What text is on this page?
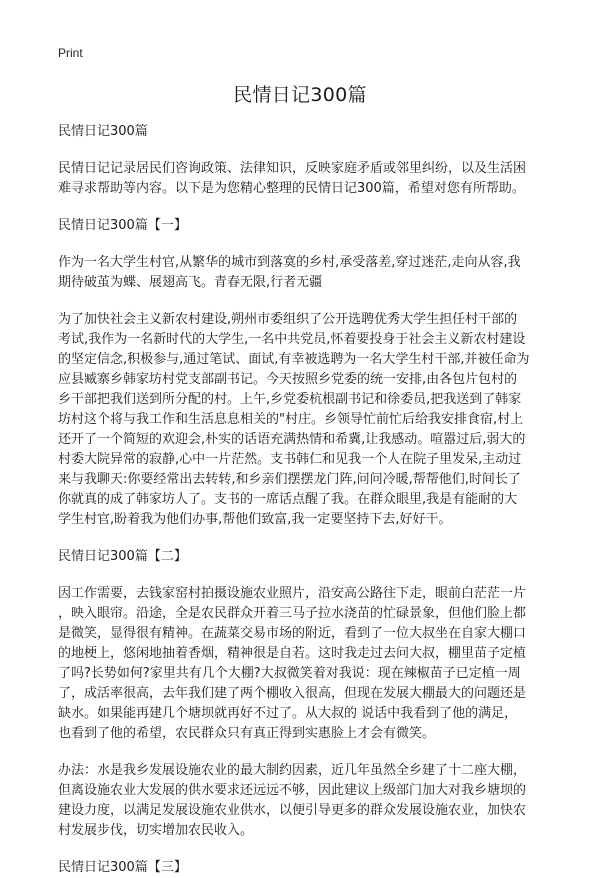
Print
民情日记300篇
民情日记300篇
民情日记记录居民们咨询政策、法律知识，反映家庭矛盾或邻里纠纷，以及生活困
难寻求帮助等内容。以下是为您精心整理的民情日记300篇，希望对您有所帮助。
民情日记300篇【一】
作为一名大学生村官,从繁华的城市到落寞的乡村,承受落差,穿过迷茫,走向从容,我
期待破茧为蝶、展翅高飞。青春无限,行者无疆
为了加快社会主义新农村建设,朔州市委组织了公开选聘优秀大学生担任村干部的
考试,我作为一名新时代的大学生,一名中共党员,怀着要投身于社会主义新农村建设
的坚定信念,积极参与,通过笔试、面试,有幸被选聘为一名大学生村干部,并被任命为
应县臧寨乡韩家坊村党支部副书记。今天按照乡党委的统一安排,由各包片包村的
乡干部把我们送到所分配的村。上午,乡党委杭根副书记和徐委员,把我送到了韩家
坊村这个将与我工作和生活息息相关的"村庄。乡领导忙前忙后给我安排食宿,村上
还开了一个简短的欢迎会,朴实的话语充满热情和希冀,让我感动。喧嚣过后,弱大的
村委大院异常的寂静,心中一片茫然。支书韩仁和见我一个人在院子里发呆,主动过
来与我聊天:你要经常出去转转,和乡亲们摆摆龙门阵,问问冷暖,帮帮他们,时间长了
你就真的成了韩家坊人了。支书的一席话点醒了我。在群众眼里,我是有能耐的大
学生村官,盼着我为他们办事,帮他们致富,我一定要坚持下去,好好干。
民情日记300篇【二】
因工作需要，去钱家窑村拍摄设施农业照片，沿安高公路往下走，眼前白茫茫一片
，映入眼帘。沿途，全是农民群众开着三马子拉水浇苗的忙碌景象，但他们脸上都
是微笑，显得很有精神。在蔬菜交易市场的附近，看到了一位大叔坐在自家大棚口
的地梗上，悠闲地抽着香烟，精神很是自若。这时我走过去问大叔，棚里苗子定植
了吗?长势如何?家里共有几个大棚?大叔微笑着对我说：现在辣椒苗子已定植一周
了，成活率很高，去年我们建了两个棚收入很高，但现在发展大棚最大的问题还是
缺水。如果能再建几个塘坝就再好不过了。从大叔的 说话中我看到了他的满足，
也看到了他的希望，农民群众只有真正得到实惠脸上才会有微笑。
办法：水是我乡发展设施农业的最大制约因素，近几年虽然全乡建了十二座大棚，
但离设施农业大发展的供水要求还远远不够，因此建议上级部门加大对我乡塘坝的
建设力度，以满足发展设施农业供水，以便引导更多的群众发展设施农业，加快农
村发展步伐，切实增加农民收入。
民情日记300篇【三】
